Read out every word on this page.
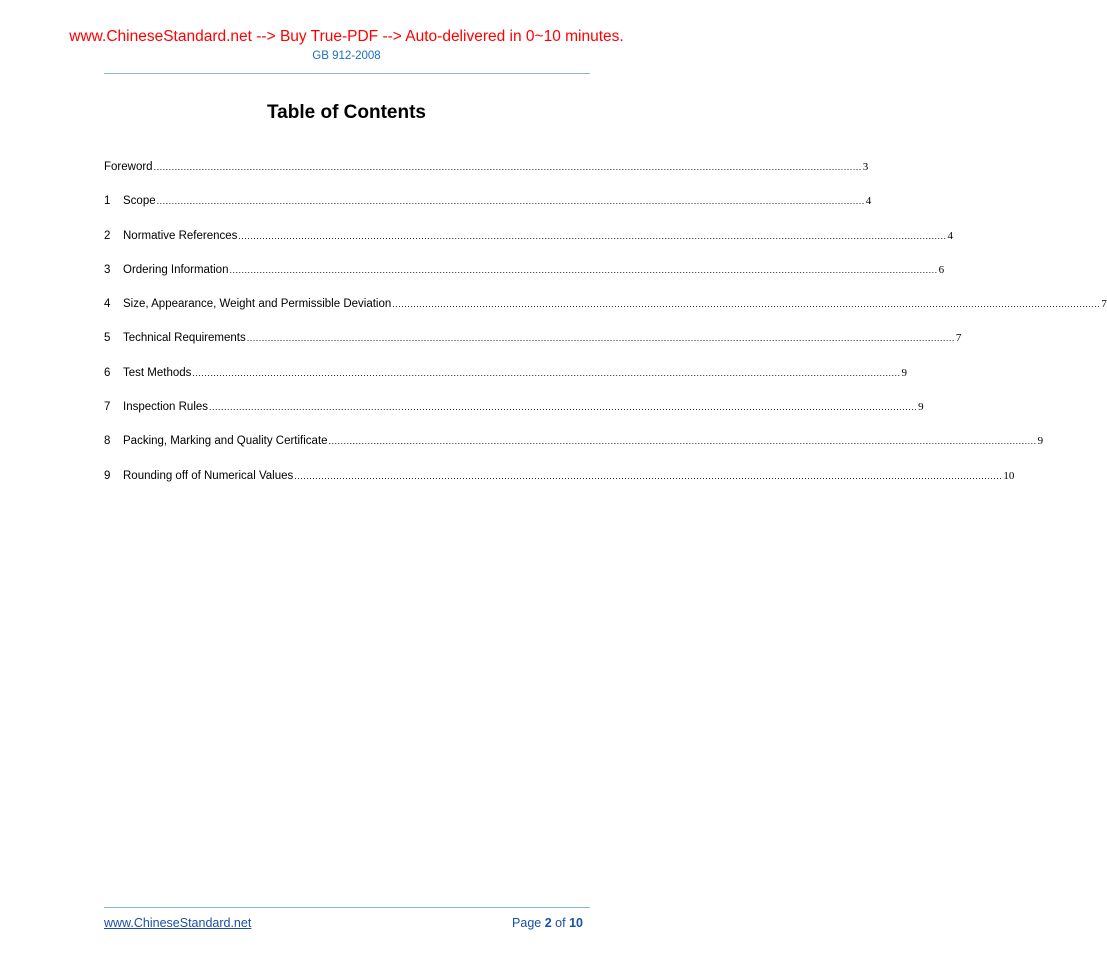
www.ChineseStandard.net --> Buy True-PDF --> Auto-delivered in 0~10 minutes.
GB 912-2008
Table of Contents
Foreword ............................................................................................................................................................................................................................................ 3
1	Scope ............................................................................................................................................................................................................................................ 4
2	Normative References ............................................................................................................................................................................................................................................ 4
3	Ordering Information ............................................................................................................................................................................................................................................ 6
4	Size, Appearance, Weight and Permissible Deviation ............................................................................................................................................................................................................................................ 7
5	Technical Requirements ............................................................................................................................................................................................................................................ 7
6	Test Methods ............................................................................................................................................................................................................................................ 9
7	Inspection Rules ............................................................................................................................................................................................................................................ 9
8	Packing, Marking and Quality Certificate ............................................................................................................................................................................................................................................ 9
9	Rounding off of Numerical Values ............................................................................................................................................................................................................................................ 10
www.ChineseStandard.net	Page 2 of 10
